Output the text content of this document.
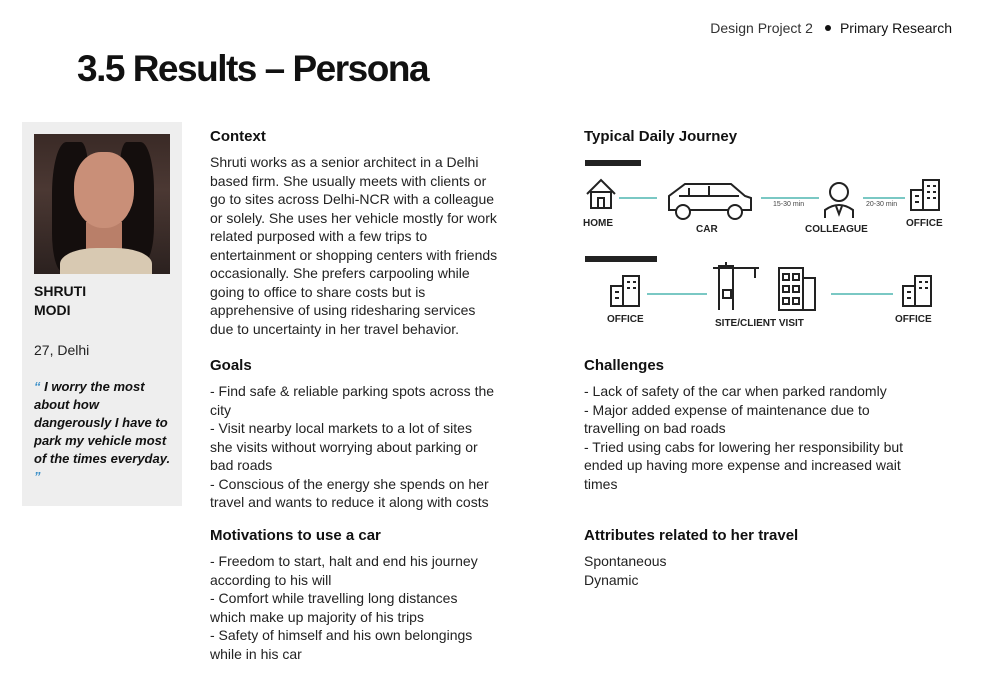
Design Project 2 Primary Research
3.5 Results – Persona
SHRUTI
MODI
27, Delhi
“ I worry the most about how dangerously I have to park my vehicle most of the times everyday. ”
Context
Shruti works as a senior architect in a Delhi
based firm. She usually meets with clients or
go to sites across Delhi-NCR with a colleague
or solely. She uses her vehicle mostly for work
related purposed with a few trips to
entertainment or shopping centers with friends
occasionally. She prefers carpooling while
going to office to share costs but is
apprehensive of using ridesharing services
due to uncertainty in her travel behavior.
Goals
- Find safe & reliable parking spots across the
city
- Visit nearby local markets to a lot of sites
she visits without worrying about parking or
bad roads
- Conscious of the energy she spends on her
travel and wants to reduce it along with costs
Motivations to use a car
- Freedom to start, halt and end his journey
according to his will
- Comfort while travelling long distances
which make up majority of his trips
- Safety of himself and his own belongings
while in his car
Typical Daily Journey
HOME
CAR	COLLEAGUE
OFFICE
15-30 min	20-30 min
OFFICE	SITE/CLIENT VISIT	OFFICE
Challenges
- Lack of safety of the car when parked randomly
- Major added expense of maintenance due to
travelling on bad roads
- Tried using cabs for lowering her responsibility but
ended up having more expense and increased wait
times
Attributes related to her travel
Spontaneous
Dynamic
